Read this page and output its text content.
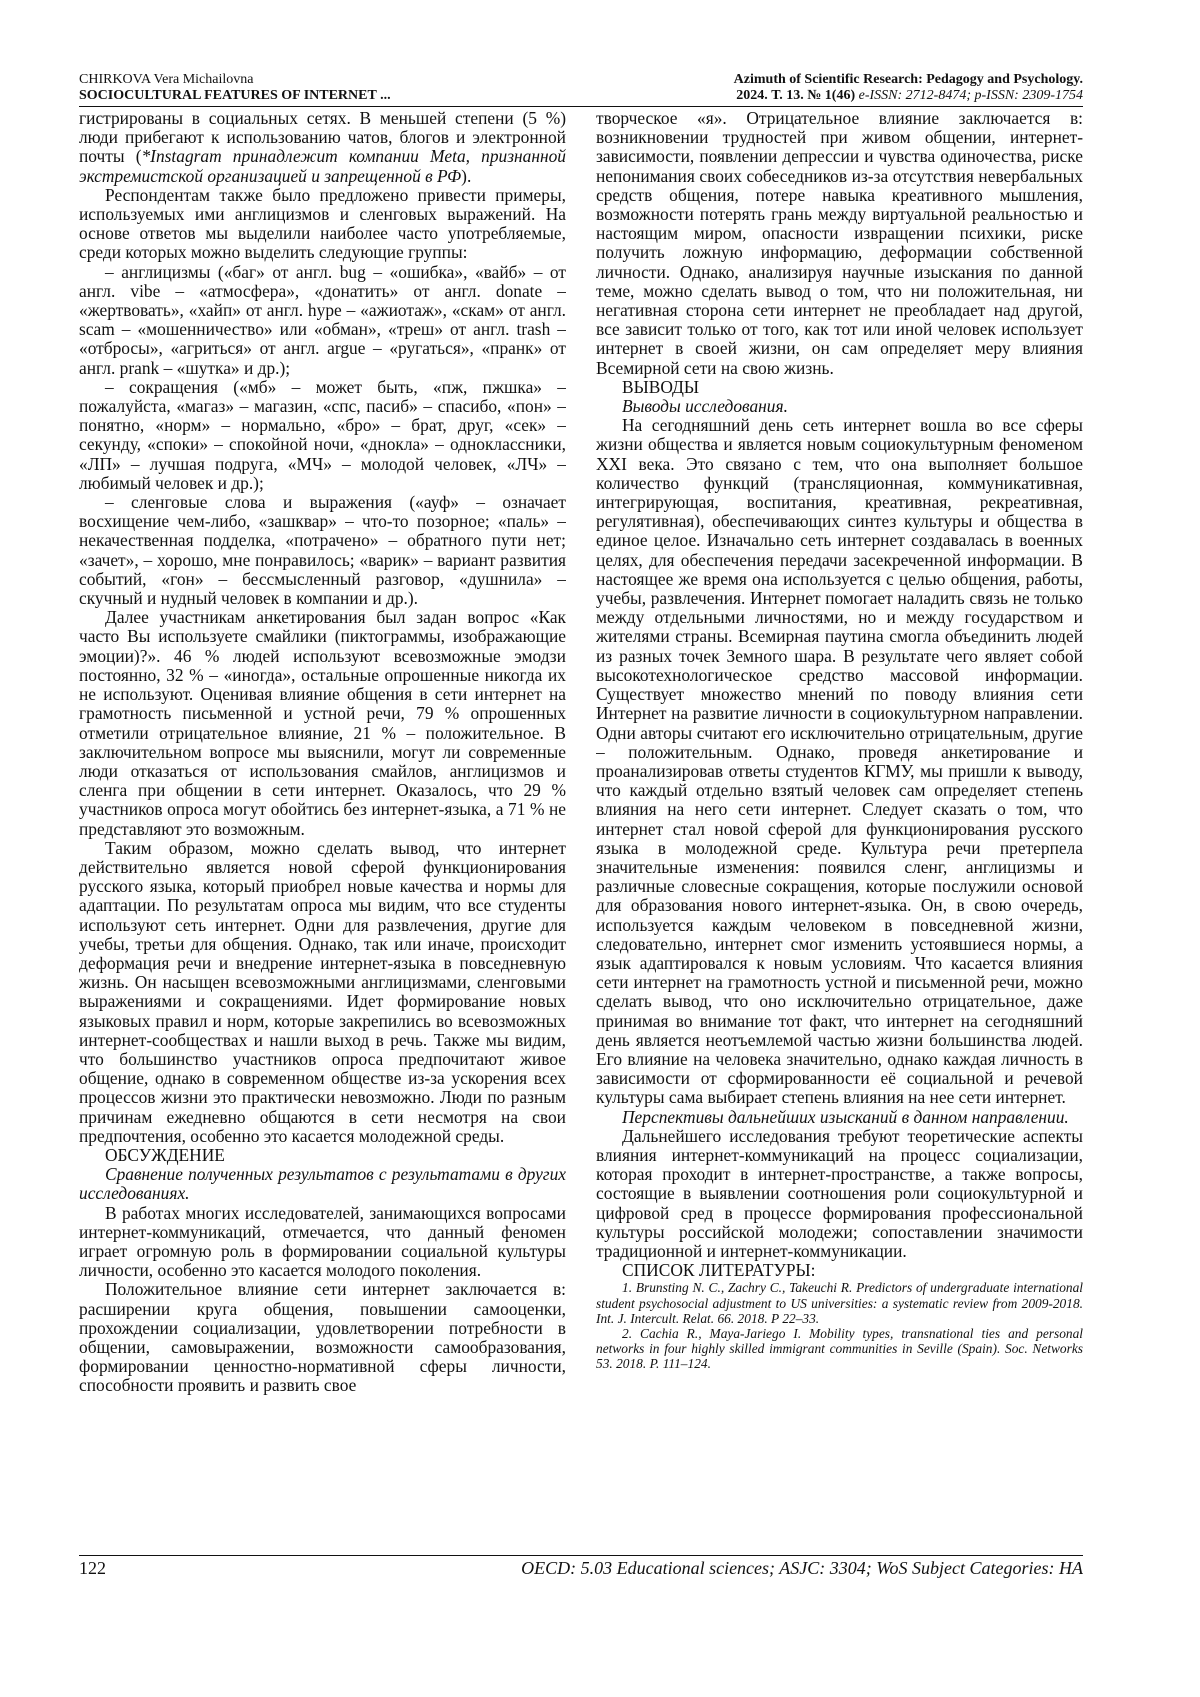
CHIRKOVA Vera Michailovna
SOCIOCULTURAL FEATURES OF INTERNET ...
Azimuth of Scientific Research: Pedagogy and Psychology.
2024. Т. 13. № 1(46) e-ISSN: 2712-8474; p-ISSN: 2309-1754

гистрированы в социальных сетях. В меньшей степени (5 %) люди прибегают к использованию чатов, блогов и электронной почты (*Instagram принадлежит компании Meta, признанной экстремистской организацией и запрещенной в РФ).

Респондентам также было предложено привести примеры, используемых ими англицизмов и сленговых выражений. На основе ответов мы выделили наиболее часто употребляемые, среди которых можно выделить следующие группы:

– англицизмы («баг» от англ. bug – «ошибка», «вайб» – от англ. vibe – «атмосфера», «донатить» от англ. donate – «жертвовать», «хайп» от англ. hype – «ажиотаж», «скам» от англ. scam – «мошенничество» или «обман», «треш» от англ. trash – «отбросы», «агриться» от англ. argue – «ругаться», «пранк» от англ. prank – «шутка» и др.);

– сокращения («мб» – может быть, «пж, пжшка» – пожалуйста, «магаз» – магазин, «спс, пасиб» – спасибо, «пон» – понятно, «норм» – нормально, «бро» – брат, друг, «сек» – секунду, «споки» – спокойной ночи, «днокла» – одноклассники, «ЛП» – лучшая подруга, «МЧ» – молодой человек, «ЛЧ» – любимый человек и др.);

– сленговые слова и выражения («ауф» – означает восхищение чем-либо, «зашквар» – что-то позорное; «паль» – некачественная подделка, «потрачено» – обратного пути нет; «зачет», – хорошо, мне понравилось; «варик» – вариант развития событий, «гон» – бессмысленный разговор, «душнила» – скучный и нудный человек в компании и др.).

Далее участникам анкетирования был задан вопрос «Как часто Вы используете смайлики (пиктограммы, изображающие эмоции)?». 46 % людей используют всевозможные эмодзи постоянно, 32 % – «иногда», остальные опрошенные никогда их не используют. Оценивая влияние общения в сети интернет на грамотность письменной и устной речи, 79 % опрошенных отметили отрицательное влияние, 21 % – положительное. В заключительном вопросе мы выяснили, могут ли современные люди отказаться от использования смайлов, англицизмов и сленга при общении в сети интернет. Оказалось, что 29 % участников опроса могут обойтись без интернет-языка, а 71 % не представляют это возможным.

Таким образом, можно сделать вывод, что интернет действительно является новой сферой функционирования русского языка, который приобрел новые качества и нормы для адаптации. По результатам опроса мы видим, что все студенты используют сеть интернет. Одни для развлечения, другие для учебы, третьи для общения. Однако, так или иначе, происходит деформация речи и внедрение интернет-языка в повседневную жизнь. Он насыщен всевозможными англицизмами, сленговыми выражениями и сокращениями. Идет формирование новых языковых правил и норм, которые закрепились во всевозможных интернет-сообществах и нашли выход в речь. Также мы видим, что большинство участников опроса предпочитают живое общение, однако в современном обществе из-за ускорения всех процессов жизни это практически невозможно. Люди по разным причинам ежедневно общаются в сети несмотря на свои предпочтения, особенно это касается молодежной среды.

ОБСУЖДЕНИЕ

Сравнение полученных результатов с результатами в других исследованиях.

В работах многих исследователей, занимающихся вопросами интернет-коммуникаций, отмечается, что данный феномен играет огромную роль в формировании социальной культуры личности, особенно это касается молодого поколения.

Положительное влияние сети интернет заключается в: расширении круга общения, повышении самооценки, прохождении социализации, удовлетворении потребности в общении, самовыражении, возможности самообразования, формировании ценностно-нормативной сферы личности, способности проявить и развить свое

творческое «я». Отрицательное влияние заключается в: возникновении трудностей при живом общении, интернет-зависимости, появлении депрессии и чувства одиночества, риске непонимания своих собеседников из-за отсутствия невербальных средств общения, потере навыка креативного мышления, возможности потерять грань между виртуальной реальностью и настоящим миром, опасности извращении психики, риске получить ложную информацию, деформации собственной личности. Однако, анализируя научные изыскания по данной теме, можно сделать вывод о том, что ни положительная, ни негативная сторона сети интернет не преобладает над другой, все зависит только от того, как тот или иной человек использует интернет в своей жизни, он сам определяет меру влияния Всемирной сети на свою жизнь.

ВЫВОДЫ

Выводы исследования.

На сегодняшний день сеть интернет вошла во все сферы жизни общества и является новым социокультурным феноменом XXI века. Это связано с тем, что она выполняет большое количество функций (трансляционная, коммуникативная, интегрирующая, воспитания, креативная, рекреативная, регулятивная), обеспечивающих синтез культуры и общества в единое целое. Изначально сеть интернет создавалась в военных целях, для обеспечения передачи засекреченной информации. В настоящее же время она используется с целью общения, работы, учебы, развлечения. Интернет помогает наладить связь не только между отдельными личностями, но и между государством и жителями страны. Всемирная паутина смогла объединить людей из разных точек Земного шара. В результате чего являет собой высокотехнологическое средство массовой информации. Существует множество мнений по поводу влияния сети Интернет на развитие личности в социокультурном направлении. Одни авторы считают его исключительно отрицательным, другие – положительным. Однако, проведя анкетирование и проанализировав ответы студентов КГМУ, мы пришли к выводу, что каждый отдельно взятый человек сам определяет степень влияния на него сети интернет. Следует сказать о том, что интернет стал новой сферой для функционирования русского языка в молодежной среде. Культура речи претерпела значительные изменения: появился сленг, англицизмы и различные словесные сокращения, которые послужили основой для образования нового интернет-языка. Он, в свою очередь, используется каждым человеком в повседневной жизни, следовательно, интернет смог изменить устоявшиеся нормы, а язык адаптировался к новым условиям. Что касается влияния сети интернет на грамотность устной и письменной речи, можно сделать вывод, что оно исключительно отрицательное, даже принимая во внимание тот факт, что интернет на сегодняшний день является неотъемлемой частью жизни большинства людей. Его влияние на человека значительно, однако каждая личность в зависимости от сформированности её социальной и речевой культуры сама выбирает степень влияния на нее сети интернет.

Перспективы дальнейших изысканий в данном направлении.

Дальнейшего исследования требуют теоретические аспекты влияния интернет-коммуникаций на процесс социализации, которая проходит в интернет-пространстве, а также вопросы, состоящие в выявлении соотношения роли социокультурной и цифровой сред в процессе формирования профессиональной культуры российской молодежи; сопоставлении значимости традиционной и интернет-коммуникации.

СПИСОК ЛИТЕРАТУРЫ:

1. Brunsting N. C., Zachry C., Takeuchi R. Predictors of undergraduate international student psychosocial adjustment to US universities: a systematic review from 2009-2018. Int. J. Intercult. Relat. 66. 2018. P 22–33.

2. Cachia R., Maya-Jariego I. Mobility types, transnational ties and personal networks in four highly skilled immigrant communities in Seville (Spain). Soc. Networks 53. 2018. P. 111–124.

122	OECD: 5.03 Educational sciences; ASJC: 3304; WoS Subject Categories: HA
